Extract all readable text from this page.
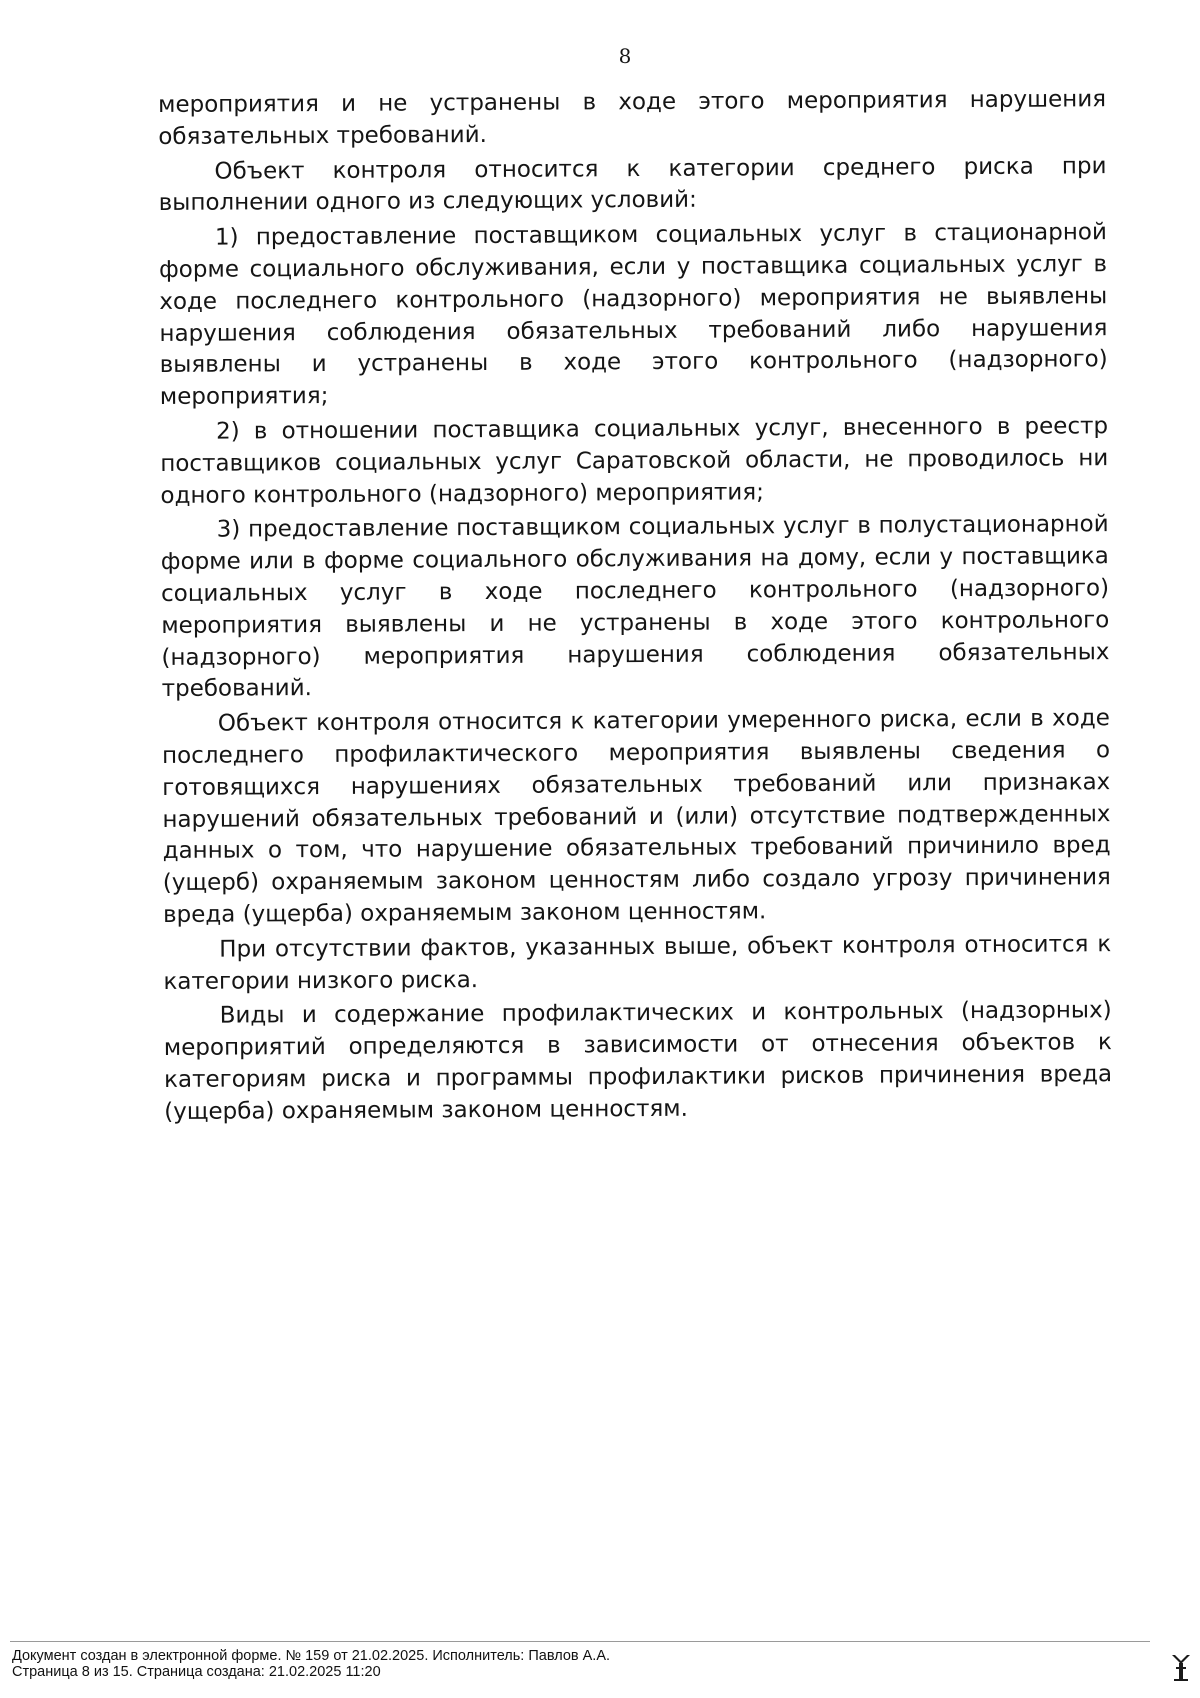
8

мероприятия и не устранены в ходе этого мероприятия нарушения обязательных требований.

Объект контроля относится к категории среднего риска при выполнении одного из следующих условий:

1) предоставление поставщиком социальных услуг в стационарной форме социального обслуживания, если у поставщика социальных услуг в ходе последнего контрольного (надзорного) мероприятия не выявлены нарушения соблюдения обязательных требований либо нарушения выявлены и устранены в ходе этого контрольного (надзорного) мероприятия;

2) в отношении поставщика социальных услуг, внесенного в реестр поставщиков социальных услуг Саратовской области, не проводилось ни одного контрольного (надзорного) мероприятия;

3) предоставление поставщиком социальных услуг в полустационарной форме или в форме социального обслуживания на дому, если у поставщика социальных услуг в ходе последнего контрольного (надзорного) мероприятия выявлены и не устранены в ходе этого контрольного (надзорного) мероприятия нарушения соблюдения обязательных требований.

Объект контроля относится к категории умеренного риска, если в ходе последнего профилактического мероприятия выявлены сведения о готовящихся нарушениях обязательных требований или признаках нарушений обязательных требований и (или) отсутствие подтвержденных данных о том, что нарушение обязательных требований причинило вред (ущерб) охраняемым законом ценностям либо создало угрозу причинения вреда (ущерба) охраняемым законом ценностям.

При отсутствии фактов, указанных выше, объект контроля относится к категории низкого риска.

Виды и содержание профилактических и контрольных (надзорных) мероприятий определяются в зависимости от отнесения объектов к категориям риска и программы профилактики рисков причинения вреда (ущерба) охраняемым законом ценностям.

Документ создан в электронной форме. № 159 от 21.02.2025. Исполнитель: Павлов А.А.
Страница 8 из 15. Страница создана: 21.02.2025 11:20
